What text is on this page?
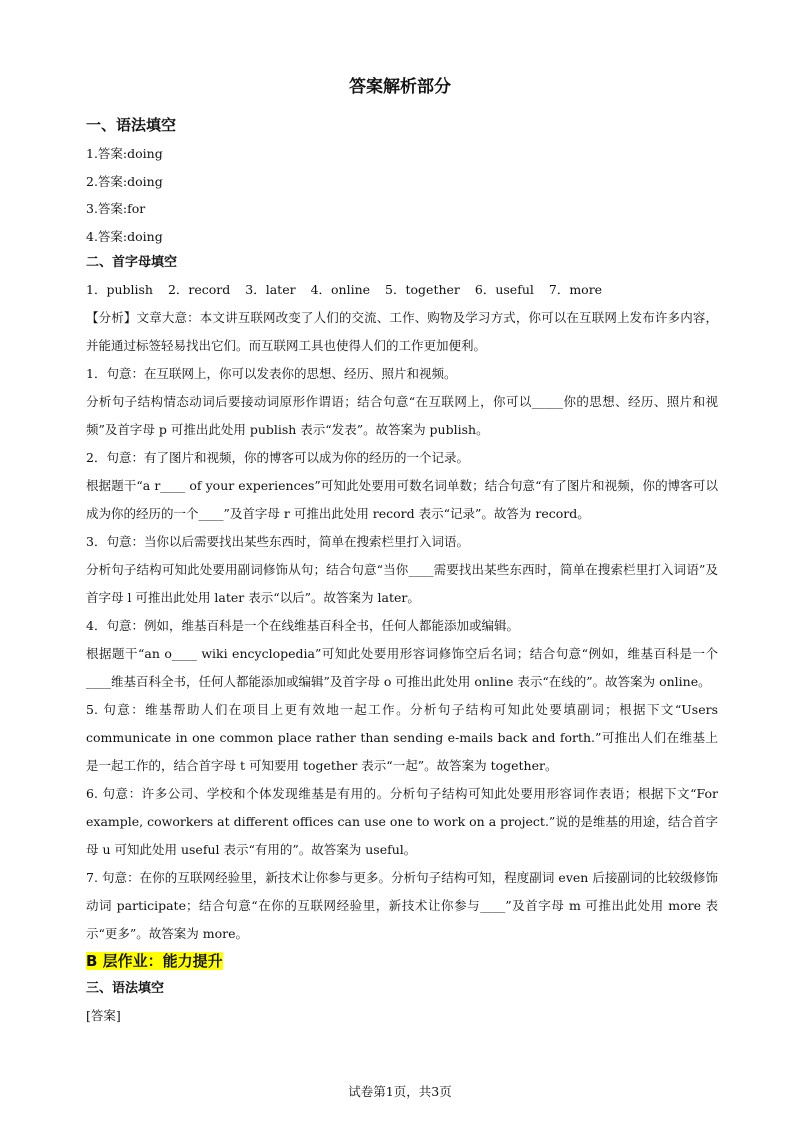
答案解析部分
一、语法填空
1.答案:doing
2.答案:doing
3.答案:for
4.答案:doing
二、首字母填空
1．publish 2．record 3．later 4．online 5．together 6．useful 7．more
【分析】文章大意：本文讲互联网改变了人们的交流、工作、购物及学习方式，你可以在互联网上发布许多内容，并能通过标签轻易找出它们。而互联网工具也使得人们的工作更加便利。
1．句意：在互联网上，你可以发表你的思想、经历、照片和视频。
分析句子结构情态动词后要接动词原形作谓语；结合句意“在互联网上，你可以_____你的思想、经历、照片和视频”及首字母 p 可推出此处用 publish 表示“发表”。故答案为 publish。
2．句意：有了图片和视频，你的博客可以成为你的经历的一个记录。
根据题干“a r____ of your experiences”可知此处要用可数名词单数；结合句意“有了图片和视频，你的博客可以成为你的经历的一个____”及首字母 r 可推出此处用 record 表示“记录”。故答为 record。
3．句意：当你以后需要找出某些东西时，简单在搜索栏里打入词语。
分析句子结构可知此处要用副词修饰从句；结合句意“当你____需要找出某些东西时，简单在搜索栏里打入词语”及首字母 l 可推出此处用 later 表示“以后”。故答案为 later。
4．句意：例如，维基百科是一个在线维基百科全书，任何人都能添加或编辑。
根据题干“an o____ wiki encyclopedia”可知此处要用形容词修饰空后名词；结合句意“例如，维基百科是一个____维基百科全书，任何人都能添加或编辑”及首字母 o 可推出此处用 online 表示“在线的”。故答案为 online。
5. 句意：维基帮助人们在项目上更有效地一起工作。分析句子结构可知此处要填副词；根据下文“Users communicate in one common place rather than sending e-mails back and forth.”可推出人们在维基上是一起工作的，结合首字母 t 可知要用 together 表示“一起”。故答案为 together。
6. 句意：许多公司、学校和个体发现维基是有用的。分析句子结构可知此处要用形容词作表语；根据下文“For example, coworkers at different offices can use one to work on a project.”说的是维基的用途，结合首字母 u 可知此处用 useful 表示“有用的”。故答案为 useful。
7. 句意：在你的互联网经验里，新技术让你参与更多。分析句子结构可知，程度副词 even 后接副词的比较级修饰动词 participate；结合句意“在你的互联网经验里，新技术让你参与____”及首字母 m 可推出此处用 more 表示“更多”。故答案为 more。
B 层作业：能力提升
三、语法填空
[答案]
试卷第1页，共3页
